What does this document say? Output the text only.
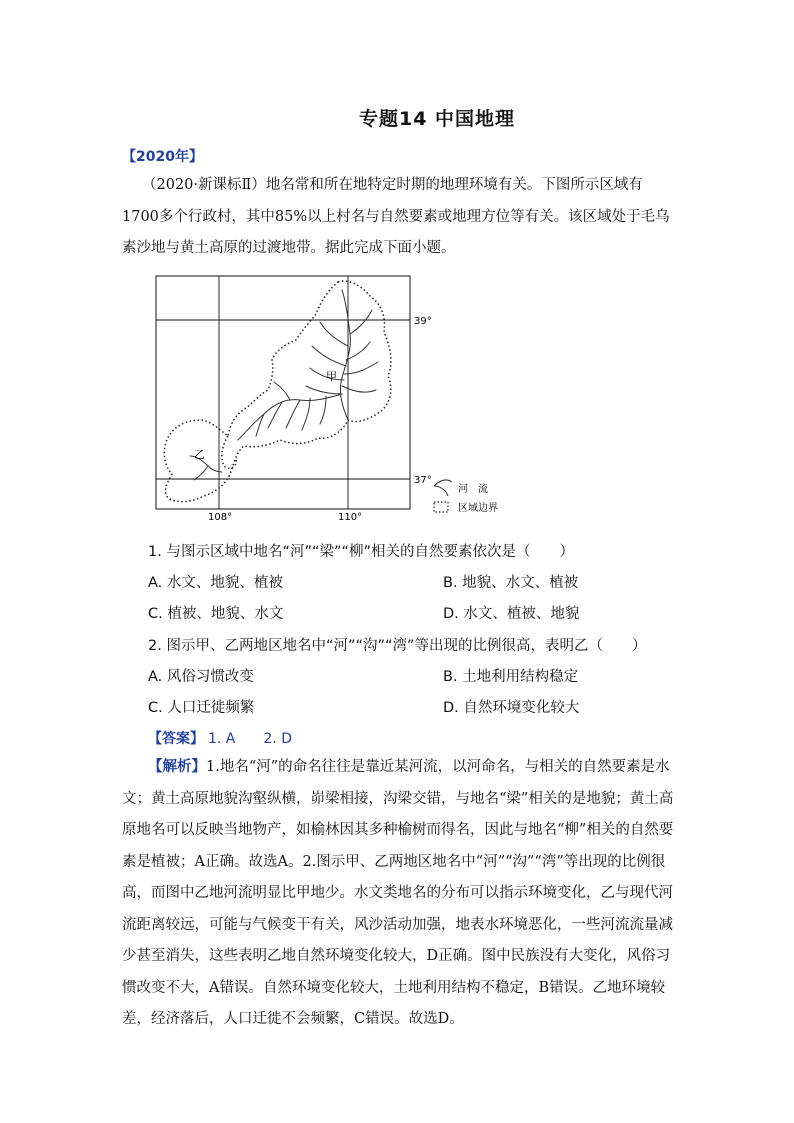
专题14 中国地理
【2020年】
（2020·新课标Ⅱ）地名常和所在地特定时期的地理环境有关。下图所示区域有1700多个行政村，其中85%以上村名与自然要素或地理方位等有关。该区域处于毛乌素沙地与黄土高原的过渡地带。据此完成下面小题。
甲
乙
39°
37°
108°	110°
河　流
区域边界
1. 与图示区域中地名“河”“梁”“柳”相关的自然要素依次是（　　）
A. 水文、地貌、植被	B. 地貌、水文、植被
C. 植被、地貌、水文	D. 水文、植被、地貌
2. 图示甲、乙两地区地名中“河”“沟”“湾”等出现的比例很高，表明乙（　　）
A. 风俗习惯改变	B. 土地利用结构稳定
C. 人口迁徙频繁	D. 自然环境变化较大
【答案】 1. A　　2. D
【解析】1.地名“河”的命名往往是靠近某河流，以河命名，与相关的自然要素是水文；黄土高原地貌沟壑纵横，峁梁相接，沟梁交错，与地名“梁”相关的是地貌；黄土高原地名可以反映当地物产，如榆林因其多种榆树而得名，因此与地名“柳”相关的自然要素是植被；A正确。故选A。2.图示甲、乙两地区地名中“河”“沟”“湾”等出现的比例很高，而图中乙地河流明显比甲地少。水文类地名的分布可以指示环境变化，乙与现代河流距离较远，可能与气候变干有关，风沙活动加强，地表水环境恶化，一些河流流量减少甚至消失，这些表明乙地自然环境变化较大，D正确。图中民族没有大变化，风俗习惯改变不大，A错误。自然环境变化较大，土地利用结构不稳定，B错误。乙地环境较差，经济落后，人口迁徙不会频繁，C错误。故选D。
